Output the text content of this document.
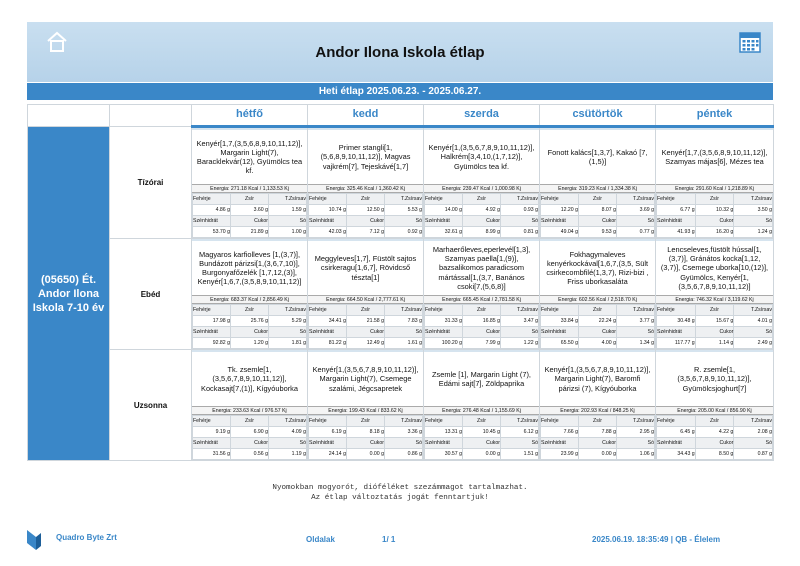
Andor Ilona Iskola étlap
Heti étlap 2025.06.23. - 2025.06.27.
		hétfő	kedd	szerda	csütörtök	péntek
(05650) Ét. Andor Ilona Iskola 7-10 év	Tízórai	
Kenyér[1,7,(3,5,6,8,9,10,11,12)], Margarin Light(7), Baracklekvár(12), Gyümölcs tea kf.
Energia: 271.18 Kcal / 1,133.53 Kj
Fehérje	Zsír	T.Zsírsav
4.86 g	3.60 g	1.59 g
Szénhidrát	Cukor	Só
53.70 g	21.89 g	1.00 g

Primer stangli[1,(5,6,8,9,10,11,12)], Magvas vajkrém[7], Tejeskávé[1,7]
Energia: 325.46 Kcal / 1,360.42 Kj
Fehérje	Zsír	T.Zsírsav
10.74 g	12.50 g	5.53 g
Szénhidrát	Cukor	Só
42.03 g	7.12 g	0.92 g

Kenyér[1,(3,5,6,7,8,9,10,11,12)], Halkrém[3,4,10,(1,7,12)], Gyümölcs tea kf.
Energia: 239.47 Kcal / 1,000.98 Kj
Fehérje	Zsír	T.Zsírsav
14.00 g	4.92 g	0.93 g
Szénhidrát	Cukor	Só
32.61 g	8.99 g	0.81 g

Fonott kalács[1,3,7], Kakaó [7,(1,5)]
Energia: 319.23 Kcal / 1,334.38 Kj
Fehérje	Zsír	T.Zsírsav
12.20 g	8.07 g	3.69 g
Szénhidrát	Cukor	Só
49.04 g	9.53 g	0.77 g

Kenyér[1,7,(3,5,6,8,9,10,11,12)], Szamyas májas[6], Mézes tea
Energia: 291.60 Kcal / 1,218.89 Kj
Fehérje	Zsír	T.Zsírsav
6.77 g	10.32 g	3.50 g
Szénhidrát	Cukor	Só
41.93 g	16.20 g	1.24 g

Ebéd	
Magyaros karfiolleves [1,(3,7)], Bundázott párizsi[1,(3,6,7,10)], Burgonyafőzelék [1,7,12,(3)], Kenyér[1,6,7,(3,5,8,9,10,11,12)]
Energia: 683.37 Kcal / 2,856.49 Kj
Fehérje	Zsír	T.Zsírsav
17.98 g	25.76 g	5.29 g
Szénhidrát	Cukor	Só
92.82 g	1.20 g	1.81 g

Meggyleves[1,7], Füstölt sajtos csirkeragu[1,6,7], Rövidcső tészta[1]
Energia: 664.50 Kcal / 2,777.61 Kj
Fehérje	Zsír	T.Zsírsav
34.41 g	21.58 g	7.83 g
Szénhidrát	Cukor	Só
81.22 g	12.49 g	1.61 g

Marhaerőleves,eperlevél[1,3], Szamyas paella[1,(9)], bazsalikomos paradicsom mártással[1,(3,7, Banános csoki[7,(5,6,8)]
Energia: 665.45 Kcal / 2,781.58 Kj
Fehérje	Zsír	T.Zsírsav
31.33 g	16.85 g	3.47 g
Szénhidrát	Cukor	Só
100.20 g	7.99 g	1.22 g

Fokhagymaleves kenyérkockával[1,6,7,(3,5, Sült csirkecombfilé(1,3,7), Rizi-bizi , Friss uborkasaláta
Energia: 602.56 Kcal / 2,518.70 Kj
Fehérje	Zsír	T.Zsírsav
33.84 g	22.24 g	3.77 g
Szénhidrát	Cukor	Só
65.50 g	4.00 g	1.34 g

Lencseleves,füstölt hússal[1,(3,7)], Gránátos kocka[1,12,(3,7)], Csemege uborka[10,(12)], Gyümölcs, Kenyér[1,(3,5,6,7,8,9,10,11,12)]
Energia: 746.32 Kcal / 3,119.62 Kj
Fehérje	Zsír	T.Zsírsav
30.48 g	15.67 g	4.01 g
Szénhidrát	Cukor	Só
117.77 g	1.14 g	2.49 g

Uzsonna	
Tk. zsemle[1,(3,5,6,7,8,9,10,11,12)], Kockasajt[7,(1)], Kígyóuborka
Energia: 233.63 Kcal / 976.57 Kj
Fehérje	Zsír	T.Zsírsav
9.19 g	6.90 g	4.09 g
Szénhidrát	Cukor	Só
31.56 g	0.56 g	1.19 g

Kenyér[1,(3,5,6,7,8,9,10,11,12)], Margarin Light(7), Csemege szalámi, Jégcsapretek
Energia: 199.43 Kcal / 833.62 Kj
Fehérje	Zsír	T.Zsírsav
6.19 g	8.18 g	3.36 g
Szénhidrát	Cukor	Só
24.14 g	0.00 g	0.86 g

Zsemle [1], Margarin Light (7), Edámi sajt[7], Zöldpaprika
Energia: 276.48 Kcal / 1,155.69 Kj
Fehérje	Zsír	T.Zsírsav
13.31 g	10.45 g	6.12 g
Szénhidrát	Cukor	Só
30.57 g	0.00 g	1.51 g

Kenyér[1,(3,5,6,7,8,9,10,11,12)], Margarin Light(7), Baromfi párizsi (7), Kígyóuborka
Energia: 202.93 Kcal / 848.25 Kj
Fehérje	Zsír	T.Zsírsav
7.66 g	7.88 g	2.95 g
Szénhidrát	Cukor	Só
23.99 g	0.00 g	1.06 g

R. zsemle[1,(3,5,6,7,8,9,10,11,12)], Gyümölcsjoghurt[7]
Energia: 205.00 Kcal / 856.90 Kj
Fehérje	Zsír	T.Zsírsav
6.45 g	4.22 g	2.08 g
Szénhidrát	Cukor	Só
34.43 g	8.50 g	0.87 g
Nyomokban mogyorót, dióféléket szezámmagot tartalmazhat.
Az étlap változtatás jogát fenntartjuk!
Quadro Byte Zrt	Oldalak	1/ 1	2025.06.19. 18:35:49 | QB - Élelem
